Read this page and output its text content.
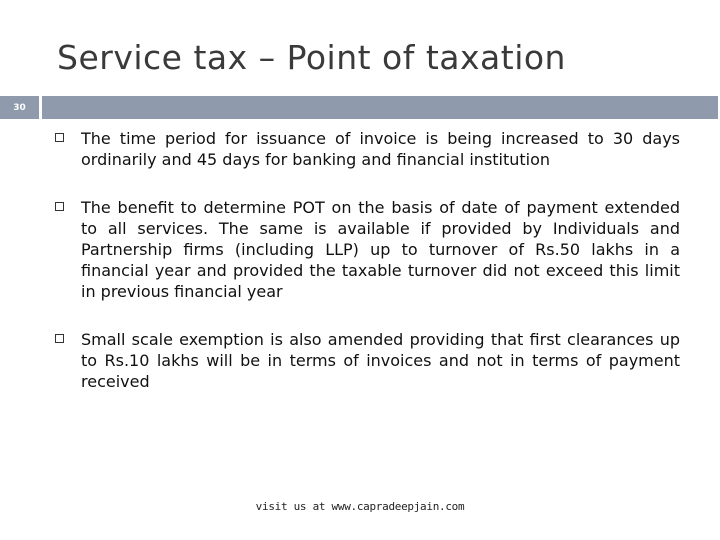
Service tax – Point of taxation
30
The time period for issuance of invoice is being increased to 30 days ordinarily and 45 days for banking and financial institution
The benefit to determine POT on the basis of date of payment extended to all services. The same is available if provided by Individuals and Partnership firms (including LLP) up to turnover of Rs.50 lakhs in a financial year and provided the taxable turnover did not exceed this limit in previous financial year
Small scale exemption is also amended providing that first clearances up to Rs.10 lakhs will be in terms of invoices and not in terms of payment received
visit us at www.capradeepjain.com
